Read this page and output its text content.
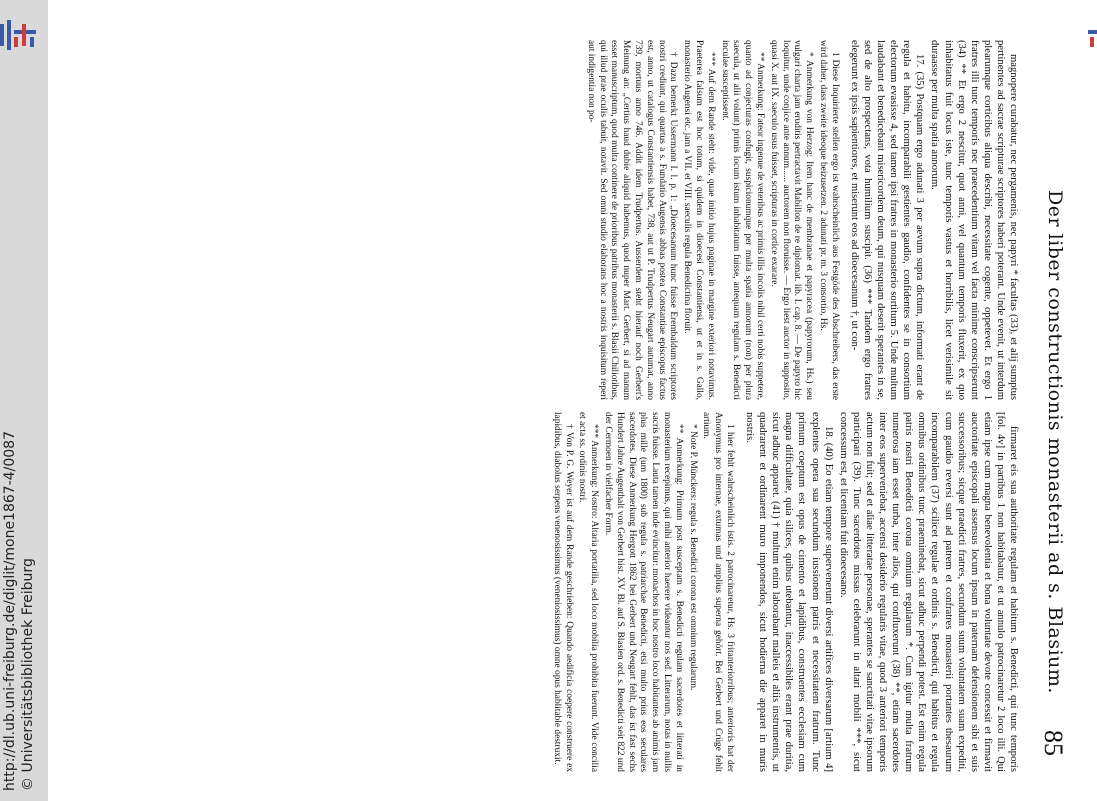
http://dl.ub.uni-freiburg.de/diglit/mone1867-4/0087 © Universitätsbibliothek Freiburg	Der liber constructionis monasterii ad s. Blasium.
85

magnopere curabatur, nec pergamenis, nec papyri * facultas (33), et alij sumptus pertinentes ad sacrae scripturae scriptores haberi poterant. Unde evenit, ut interdum plearumque corticibus aliqua describi, necessitate cogente, oppetevet. Et ergo 1 fratres illi tunc temporis nec praecedentium vitam vel facta minime conscripserunt (34) ** Et ergo 2 nescitur, quot anni, vel quantum temporis fluxerit, ex quo inhabitatus fuit locus iste, tunc temporis vastus et horribilis, licet verisimile sit duraasse per multa spatia annorum.

17. (35) Postquam ergo adunati 3 per aevum supra dictum, informati erant de regula et habitu, incomparabili gestientes gaudio, confidentes se in consortium electorum evasisse 4, sed tamen ipsi fratres in monasterio sortitum 5. Unde multum laudabant et benedicebant misericordem deum, qui nusquam deserit sperantes in se, sed de alto prospectans, vota humilium suscipit. (36) *** Tandem ergo fratres elegerunt ex ipsis sapientiores, et miserunt eos ad dioecesanum †, ut con-

1 Diese Inquirierte stellen ergo ist wahrscheinlich aus Festgöde des Abschreibers, das erste wird daher, dass zweite ideoque beizusetzen. 2 adunati pr. m. 3 consortio, Hs.

* Anmerkung von Herzog: Item hanc de membranae et papyracea (papyrorum, Hs.) seu vulgari charta jam eruditis pertractavit Mabillon de re diplomat. lib. I. cap. 8. — De papyro hic loquitur, unde conjice ante annum...... auctorem non floruisse. — Ergo liest auctor in supposito, quasi X. aut IX. saeculo usus fuisset, scripturas in cortice exarare.

** Anmerkung: Fateor ingenue de veteribus ac primis illis incolis nihil certi nobis suppetere, quanto ad conjecturas confugit, suspicionumque per multa spatia annorum (non) per plura saecula, ut alii volunt) primis locum istum inhabitatum fuisse, antequam regulam s. Benedicti inculae susceptissent.

*** Auf dem Rande steht: vide, quae initio hujus paginae in margine exteriori notavimus. Praeterea falsum est hoc totum, si quidem in dioecesi Constantiensi, ut et in s. Gallo, monasterio Augensi etc. jam a VII. et VIII. saeculis regula Benedictina floruit.

† Dazu bemerkt Ussermann I. l. p. 1: „Dioecesanum hunc fuisse Erembaldum scriptores nostri crediunt, qui quartus a s. Fundatio Augensis abbas postea Constantiae episcopus factus est, anno, ut catalogus Constantiensis habet, 738, aut ut P. Trudpertus Neugart autumat, anno 739, mortuus anno 746. Addit idem Trudpertus. Ausserdem steht hierauf noch Gerbert's Meinung an: „Certius haud dubie aliquid habemus, quod nuper Mart. Gerbert, si ad manum esset manuscriptum, quod multa continere de prioribus patribus monasterii s. Blasii Chiliotibus, qui illud prae oculis tabuit, notavit. Sed omni studio elaborans hoc a nostris inquisitum reperi aut indigentia non po-

firmaret eis sua authoritate regulam et habitum s. Benedicti, qui tunc temporis [fol. 4v] in partibus 1 non habitabatur, et ut annulo patrocinaretur 2 loco illi. Qui etiam ipse cum magna benevolentia et bona voluntate devote concessit et firmavit auctoritate episcopali assensus locum ipsum in paternam defensionem sibi et suis successoribus; sicque praedicti fratres, secundum suum voluntatem suam expediti, cum gaudio reversi sunt ad patrem et confratres monasterii portantes thesaurum incomparabilem (37) scilicet regulae et ordinis s. Benedicti, qui habitus et regula omnibus ordinibus tunc praeminebat, sicut adhuc perpendi potest. Est enim regula patris nostri Benedicti corona omnium regularum *. Cum igitur multa fratrum numerosa iam esset turba, inter alios, qui confluxerunt (38) **, etiam sacerdotes inter eos superveniebat, accensi desiderio regularis vitae, quod 3 anteriori temporis actum non fuit; sed et aliae litteratae personae, sperantes se sanctitati vitae ipsorum participari (39). Tunc sacerdotes missas celebrarunt in altari mobili ***, sicut concessum est, et licentiam fuit dioecesano.

18. (40) Eo etiam tempore supervenerunt diversi artifices diversarum [artium 4] explentes opera sua secundum iussionem patris et necessitatem fratrum. Tunc primum coeptum est opus de cimento et lapidibus, construentes ecclesiam cum magna difficultate, quia silices, quibus utebantur, inaccessibiles erant prae duritia, sicut adhuc apparet. (41) † multum enim laborabant malleis et aliis instrumentis, ut quadrarent et ordinarent muro imponendos, sicut hodierna die apparet in muris nostris.

1 hier fehlt wahrscheinlich istis. 2 patrocinaretur, Hs. 3 fritanteriorribus; anterioris hat der Anonymus pro internae, extumas und amplius superna gehört. Bei Gerbert und Crüge fehlt artium.

* Note P. Münckers: regula s. Benedicti corona est omnium regularum.

** Anmerkung: Primum post susceptam s. Benedicti regulam sacerdotes et litterati in monasterium recepimus, qui mihi anterior haerere videantur nos sed. Litterarum, notas in nullis sacris fuisse. Lauta tamen inde evincitur: monachos in hoc nostro loco habitantes ab animis jam plus mille (um 1800) sub regula s. patriarchae Benedicti, etsi multo prius eos seculares sacerdotes. Diese Anmerkung Hergott 1862 bei Gerbert und Neugart fehlt, das ist fast sechs Hundert Jahre Augenthalt von Gerbert hist. XV. Bl. auf S. Blasien ord. s. Benedicti seit 822 und der Cermoen in vielfacher Form.

*** Anmerkung: Nostro: Altaria portatilia, sed loco mobilia prohibita fuerunt. Vide concilia et acta ss. ordinis nostri.

† Von P. G. Weyer ist auf dem Rande geschrieben: Quando aedificia coepere construere ex lapidibus, diabolus serpens venenosissimus (veneniosissimus) omne opus hablitable destruxit.
